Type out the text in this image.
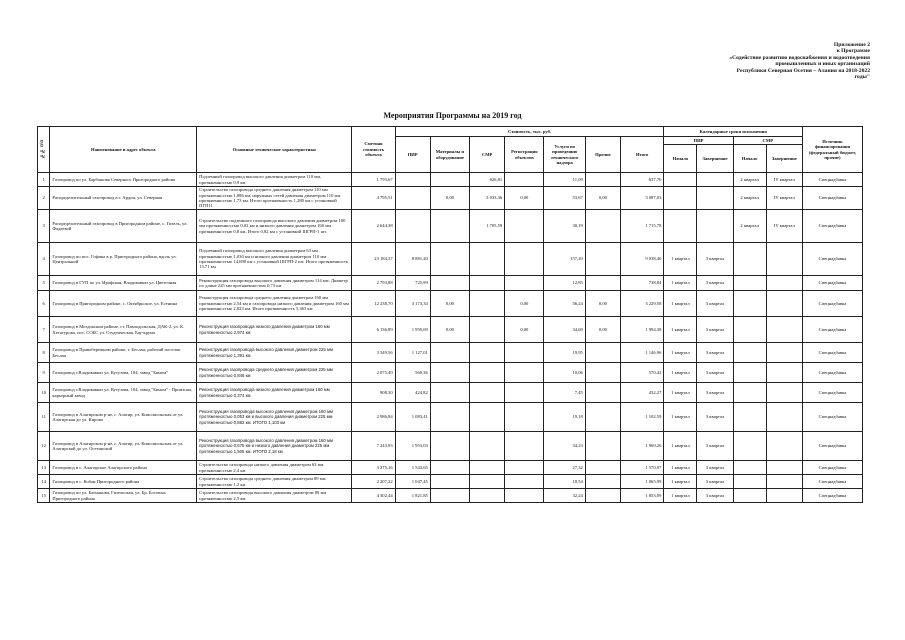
Приложение 2
к Программе
«Содействие развитию водоснабжения и водоотведения
промышленных и иных организаций
Республики Северная Осетия – Алания на 2018-2022
годы"
Мероприятия Программы на 2019 год
№№ п/п	Наименование и адрес объекта	Основные технические характеристики	Сметная стоимость объекта	Стоимость, тыс. руб.							Календарные сроки исполнения				Источник финансирования (федеральный бюджет, прочие)
				ПИР	Материалы и оборудование	СМР	Регистрация объектов	Услуги по проведению технического надзора	Прочие	Итого	ПИР		СМР		
											Начало	Завершение	Начало	Завершение	
1	Газопровод по ул. Барбашова Северного Пригородного района	Подземный газопровод высокого давления диаметром 110 мм, протяженностью 0,9 км	1 793,67			626,81		11,09		637,70			2 квартал	IV квартал	Спецнадбавка
2	Распределительный газопровод в г. Ардон, ул. Северная	Строительство газопровода среднего давления диаметром 110 мм протяженностью 1,086 км, наружных сетей давления диаметром 110 мм протяженностью 1,73 км. Итого протяженность 1,280 км с установкой ПГП11	4 795,51		0,00	3 033,36	0,00	53,67	0,00	3 087,03			2 квартал	IV квартал	Спецнадбавка
3	Распределительный газопровод в Пригородном районе, с. Гизель, ул. Фадеевой	Строительство подземного газопровода высокого давления диаметром 100 мм протяженностью 0,02 км и низкого давления диаметром 160 мм протяженностью 0,8 км. Итого 0,82 км с установкой ШГРП-1 шт.	2 644,38			1 705,59		30,19		1 715,78			2 квартал	IV квартал	Спецнадбавка
4	Газопровод по пос. Гофика в р. Пригородного района, вдоль ул. Центральной	Подземный газопровод высокого давления диаметром 63 мм протяженностью 1,030 км и низкого давления диаметром 110 мм протяженностью 14,690 км с установкой ШГРП-2 шт. Итого протяженность 15,71 км	23 184,37	8 881,20				157,20		9 038,40	1 квартал	3 квартал			Спецнадбавка
5	Газопровод в ГУП по ул. Ирафская, Владикавказ ул. Цветочная	Реконструкция газопровода высокого давления диаметром 114 мм. Диаметр по длине 225 мм протяженностью 0,73 км	2 793,88	725,99				12,85		738,84	1 квартал	3 квартал			Спецнадбавка
6	Газопровод в Пригородном районе, с. Октябрьское, ул. Есенина	Реконструкция газопровода среднего давления диаметром 160 мм протяженностью 2,54 км и газопровода низкого давления диаметром 160 мм протяженностью 2,823 км. Итого протяженность 5,363 км	12 238,70	3 173,34	0,00		0,00	56,24	0,00	3 229,58	1 квартал	3 квартал			Спецнадбавка
7	Газопровод в Моздокском районе, ст. Павлодольская, ДАК-2, ул. К. Хетагурова, пос. СОБС ул. Студенческая, Бау-крума	Реконструкция газопровода низкого давления диаметром 160 мм протяженностью 2,974 км	6 136,89	1 959,69	0,00		0,00	34,69	0,00	1 994,38	1 квартал	3 квартал			Спецнадбавка
8	Газопровод в Правобережном районе, г. Беслан, рабочий поселок Беслан	Реконструкция газопровода высокого давления диаметром 225 мм протяженностью 1,391 км	3 349,56	1 127,01				19,95		1 146,96	1 квартал	3 квартал			Спецнадбавка
9	Газопровод г.Владикавказ ул. Кутузова, 104, завод "Бином"	Реконструкция газопровода среднего давления диаметром 225 мм протяженностью 0,846 км	2 075,49	560,36				10,06		570,42	1 квартал	3 квартал			Спецнадбавка
10	Газопровод г.Владикавказ ул. Кутузова, 104, завод "Бином" - Промзона, карьерный завод	Реконструкция газопровода низкого давления диаметром 160 мм протяженностью 0,374 км	908,30	424,82				7,45		432,27	1 квартал	3 квартал			Спецнадбавка
11	Газопровод в Алагирском р-не, г. Алагир, ул. Комсомольская от ул. Алагирская до ул. Кирова	Реконструкция газопровода высокого давления диаметром 160 мм протяженностью 0,053 км и высокого давления диаметром 225 мм протяженностью 0,882 км. ИТОГО 1,103 км	2 986,84	1 083,41				19,18		1 102,59	1 квартал	3 квартал			Спецнадбавка
12	Газопровод в Алагирском р-не, г. Алагир, ул. Комсомольская от ул. Алагирской до ул. Осетинской	Реконструкция газопровода высокого давления диаметром 160 мм протяженностью 0,675 км и низкого давления диаметром 225 мм протяженностью 1,505 км. ИТОГО 2,18 км	7 243,93	1 953,03				34,23		1 969,26	1 квартал	3 квартал			Спецнадбавка
13	Газопровод в с. Алагирское Алагирского района	Строительство газопровода низкого давления диаметром 63 мм протяженностью 2,4 км	3 275,16	1 543,65				27,32		1 570,97	1 квартал	3 квартал			Спецнадбавка
14	Газопровод в с. Кобан Пригородного района	Строительство газопровода среднего давления диаметром 89 мм протяженностью 1,2 км	2 207,22	1 047,45				18,54		1 065,99	1 квартал	3 квартал			Спецнадбавка
15	Газопровод по ул. Батманова, Гизельская, ул. Бр. Босовых Пригородного района	Строительство газопровода высокого давления диаметром 89 мм протяженностью 2,5 км	4 302,44	1 821,85				32,24		1 853,09	1 квартал	3 квартал			Спецнадбавка
